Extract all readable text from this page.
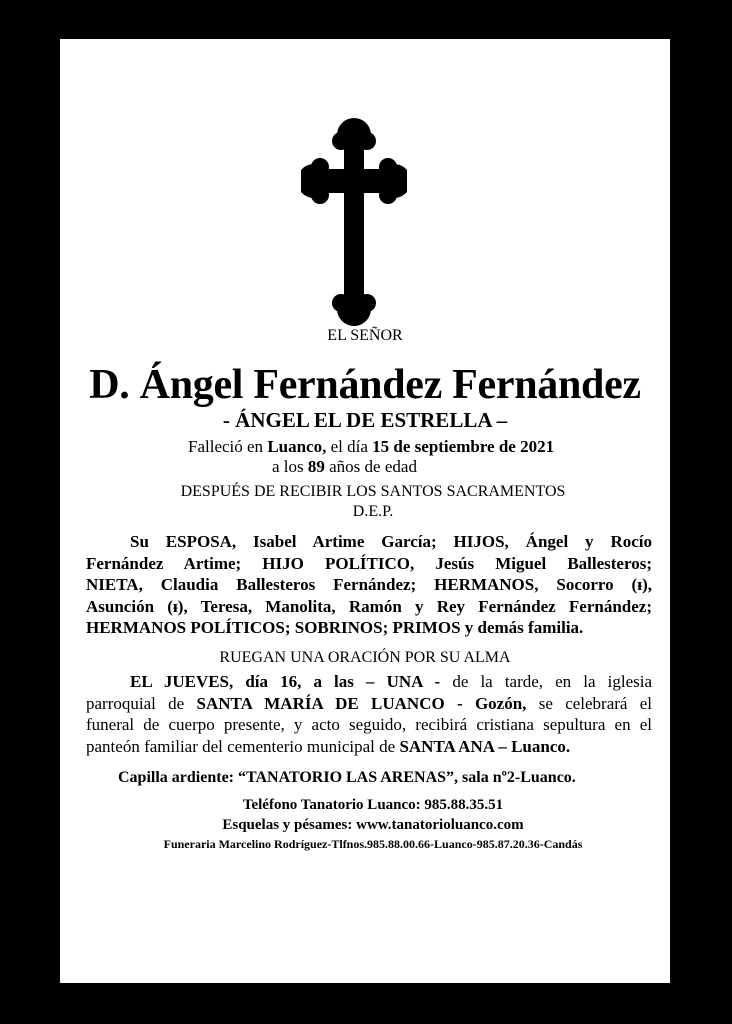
EL SEÑOR

D. Ángel Fernández Fernández

- ÁNGEL EL DE ESTRELLA –

Falleció en Luanco, el día 15 de septiembre de 2021

a los 89 años de edad

DESPUÉS DE RECIBIR LOS SANTOS SACRAMENTOS

D.E.P.

Su ESPOSA, Isabel Artime García; HIJOS, Ángel y Rocío
Fernández Artime; HIJO POLÍTICO, Jesús Miguel Ballesteros;
NIETA, Claudia Ballesteros Fernández; HERMANOS, Socorro (ᵻ),
Asunción (ᵻ), Teresa, Manolita, Ramón y Rey Fernández Fernández;
HERMANOS POLÍTICOS; SOBRINOS; PRIMOS y demás familia.

RUEGAN UNA ORACIÓN POR SU ALMA

EL JUEVES, día 16, a las – UNA - de la tarde, en la iglesia
parroquial de SANTA MARÍA DE LUANCO - Gozón, se celebrará el
funeral de cuerpo presente, y acto seguido, recibirá cristiana sepultura en el
panteón familiar del cementerio municipal de SANTA ANA – Luanco.

Capilla ardiente: “TANATORIO LAS ARENAS”, sala nº2-Luanco.

Teléfono Tanatorio Luanco: 985.88.35.51

Esquelas y pésames: www.tanatorioluanco.com

Funeraria Marcelino Rodríguez-Tlfnos.985.88.00.66-Luanco-985.87.20.36-Candás
